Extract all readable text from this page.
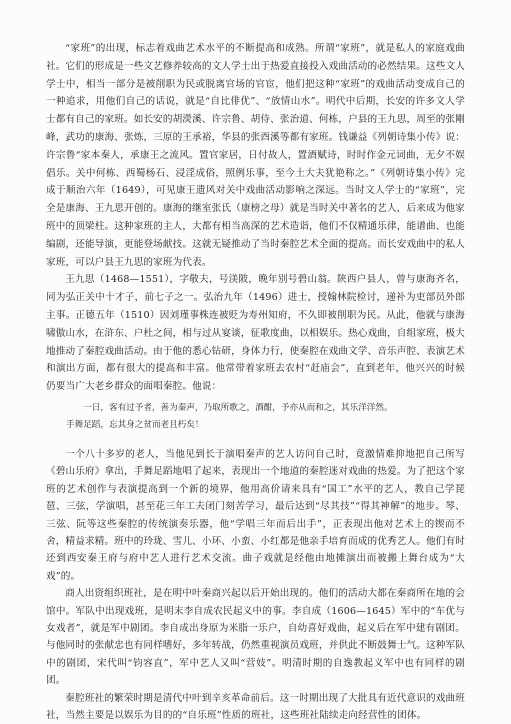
“家班”的出现，标志着戏曲艺术水平的不断提高和成熟。所谓“家班”，就是私人的家庭戏曲社。它们的形成是一些文艺修养较高的文人学士出于热爱直接投入戏曲活动的必然结果。这些文人学士中，相当一部分是被削职为民或脱离官场的官宦，他们把这种“家班”的戏曲活动变成自己的一种追求，用他们自己的话说，就是“自比俳优”、“放情山水”。明代中后期，长安的许多文人学士都有自己的家班。如长安的胡濙溪、许宗鲁、胡侍、张治道、何栋，户县的王九思，周至的张剛峰，武功的康海、张炼，三原的王承裕，华县的张酉溪等都有家班。钱谦益《列朝诗集小传》说：许宗鲁“家本秦人，承康王之流风。置官家居，日付故人，置酒赋诗，时时作金元词曲，无夕不娱倡乐。关中何栋、西蜀杨石、浸淫成俗，照例乐事，至今土大夫犹艳称之。”《列朝诗集小传》完成于顺治六年（1649），可见康王遗风对关中戏曲活动影响之深远。当时文人学士的“家班”，完全是康海、王九思开创的。康海的继室张氏（康榜之母）就是当时关中著名的艺人，后来成为他家班中的顶梁柱。这种家班的主人，大都有相当高深的艺术造诣，他们不仅精通乐律，能谱曲、也能编剧，还能导演，更能登场献技。这就无疑推动了当时秦腔艺术全面的提高。而长安戏曲中的私人家班，可以户县王九思的家班为代表。

王九思（1468—1551），字敬夫，号渼陂，晚年别号碧山翁。陕西户县人，曾与康海齐名，同为弘正关中十才子，前七子之一。弘治九年（1496）进士，授翰林院检讨，递补为吏部员外郎主事。正德五年（1510）因刘瑾事株连被贬为寿州知府，不久即被削职为民。从此，他就与康海啸傲山水，在浒东、户杜之间，相与过从宴谈，征歌度曲，以相娱乐。热心戏曲，自组家班，极大地推动了秦腔戏曲活动。由于他的悉心钻研，身体力行，使秦腔在戏曲文学、音乐声腔、表演艺术和演出方面，都有很大的提高和丰富。他常带着家班去农村“赶庙会”，直到老年，他兴兴的时候仍要当广大老乡群众的面唱秦腔。他说：

一日，客有过予者，善为秦声，乃取所歌之，酒酣，予亦从而和之，其乐洋洋然。

手舞足蹈，忘其身之贫而老且朽矣！

一个八十多岁的老人，当他见到长于演唱秦声的艺人访问自己时，竟激情难抑地把自己所写《碧山乐府》拿出，手舞足蹈地唱了起来，表现出一个地道的秦腔迷对戏曲的热爱。为了把这个家班的艺术创作与表演提高到一个新的境界，他用高价请来具有“国工”水平的艺人，教自己学琵琶、三弦，学演唱，甚至花三年工夫闭门刻苦学习，最后达到“尽其技”“得其神解”的地步。琴、三弦、阮等这些秦腔的传统演奏乐器，他“学唱三年而后出手”，正表现出他对艺术上的锲而不舍，精益求精。班中的玲珑、雪儿、小环、小蛮、小红都是他亲手培育而成的优秀艺人。他们有时还到西安秦王府与府中艺人进行艺术交流。曲子戏就是经他由地摊演出而被搬上舞台成为“大戏”的。

商人出资组织班社，是在明中叶秦商兴起以后开始出现的。他们的活动大都在秦商所在地的会馆中。军队中出现戏班，是明末李自成农民起义中的事。李自成（1606—1645）军中的“车优与女戏者”，就是军中剧团。李自成出身原为米脂一乐户，自幼喜好戏曲，起义后在军中建有剧团。与他同时的张献忠也有同样嗜好，多年转战，仍然重视演员戏班，并供此不断鼓舞士气。这种军队中的剧团，宋代叫“钧容直”，军中艺人又叫“营妓”。明清时期的自逸教起义军中也有同样的剧团。

秦腔班社的繁荣时期是清代中叶到辛亥革命前后。这一时期出现了大批具有近代意识的戏曲班社，当然主要是以娱乐为目的的“自乐班”性质的班社，这些班社陆续走向经营性的团体。
